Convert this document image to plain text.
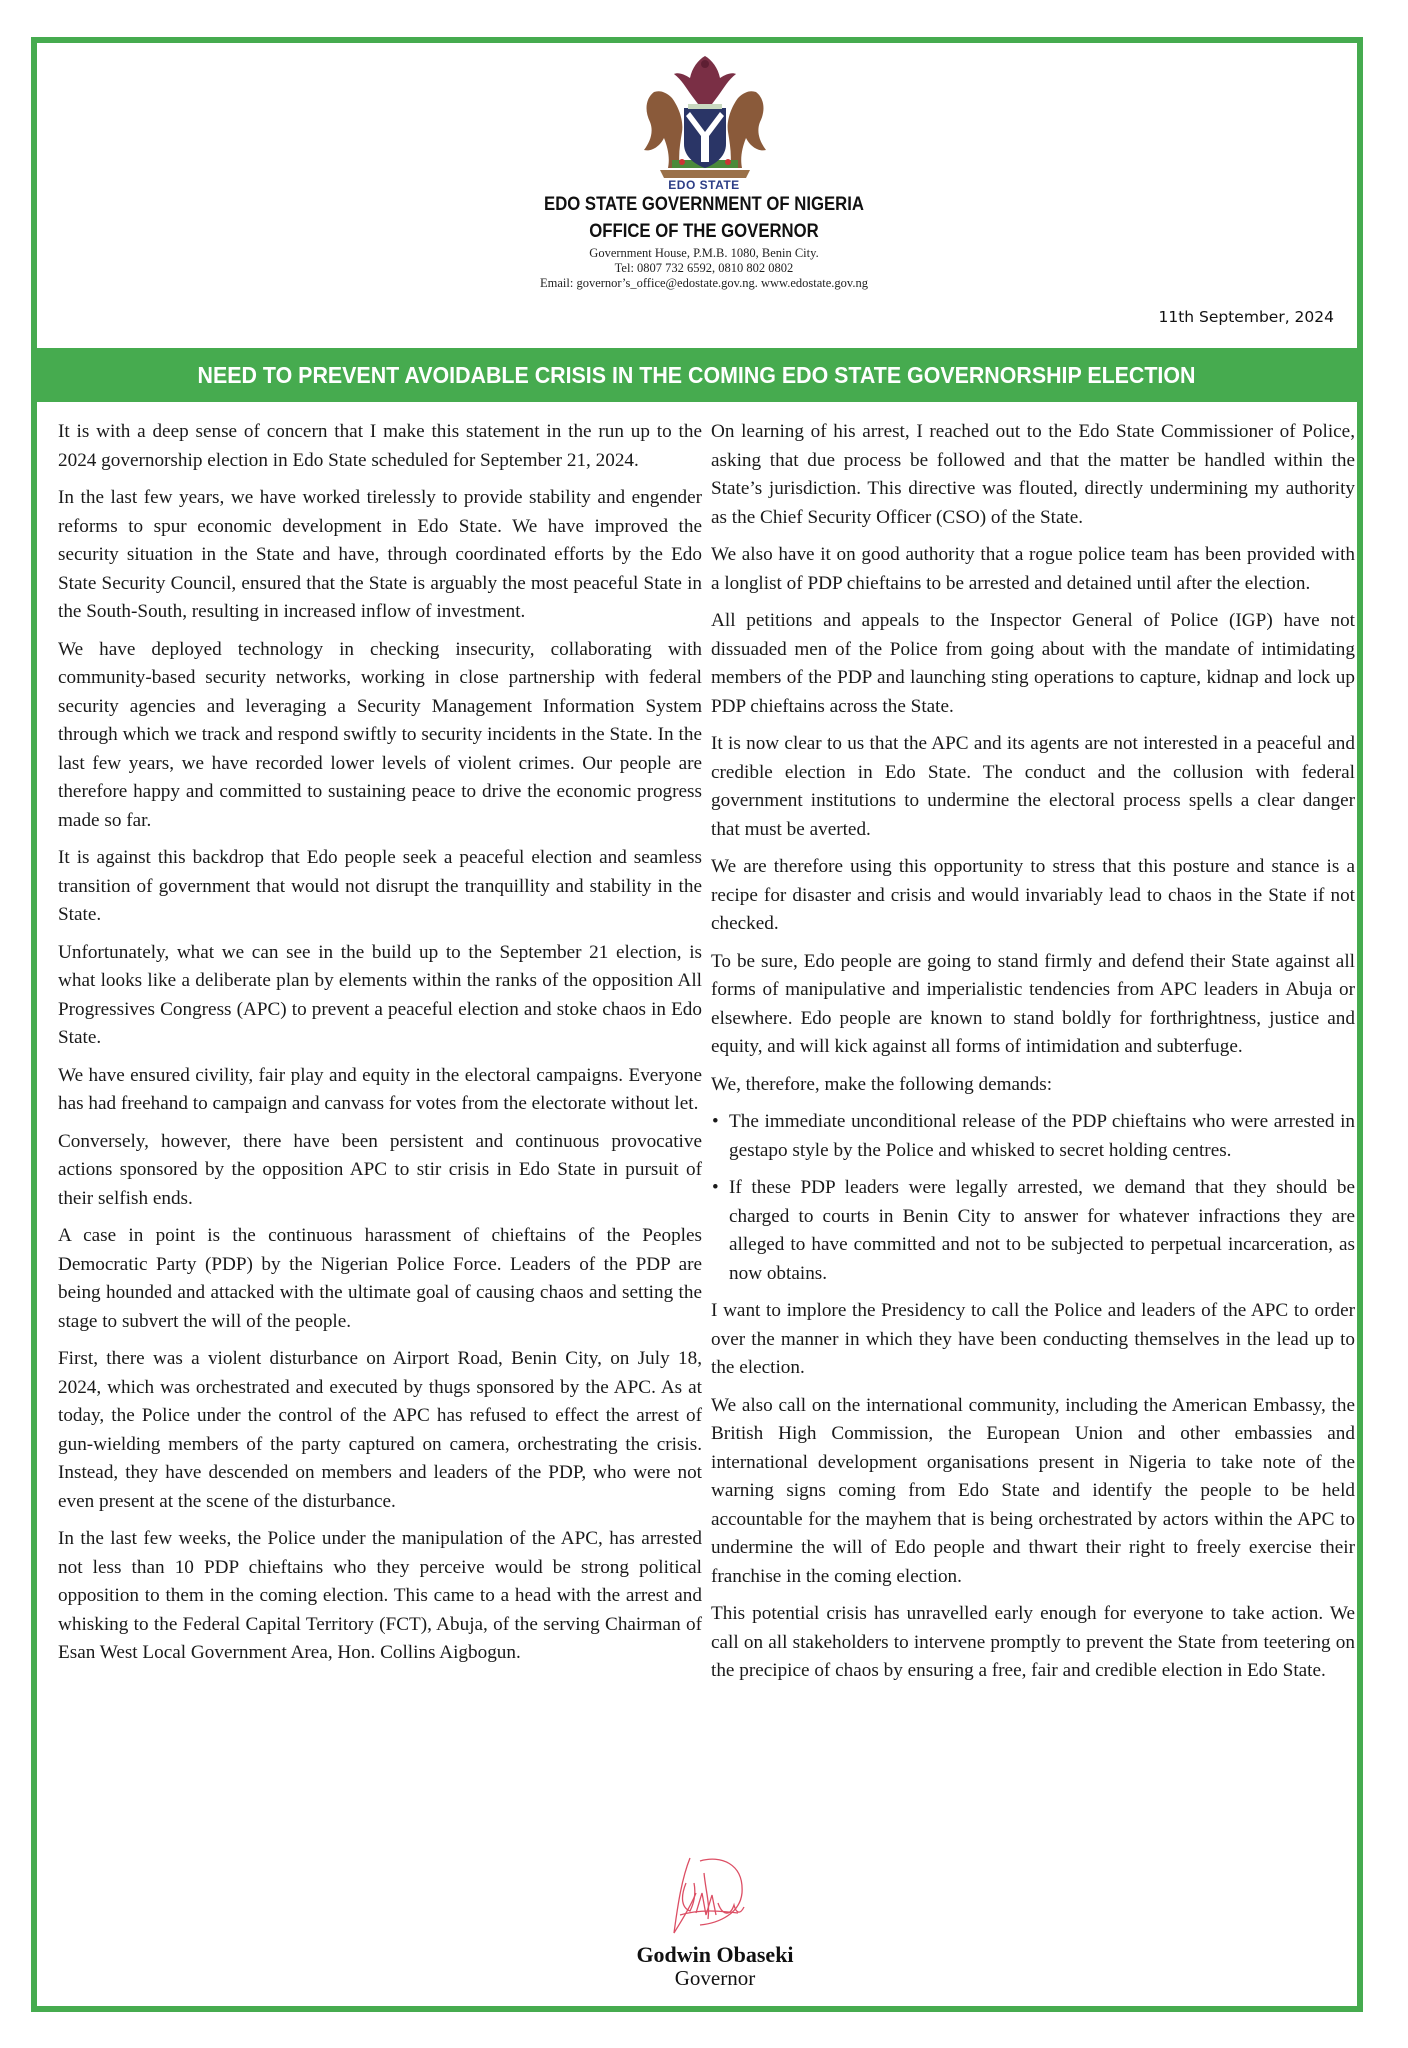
EDO STATE
EDO STATE GOVERNMENT OF NIGERIA
OFFICE OF THE GOVERNOR
Government House, P.M.B. 1080, Benin City.
Tel: 0807 732 6592, 0810 802 0802
Email: governor’s_office@edostate.gov.ng. www.edostate.gov.ng
11th September, 2024
NEED TO PREVENT AVOIDABLE CRISIS IN THE COMING EDO STATE GOVERNORSHIP ELECTION

It is with a deep sense of concern that I make this statement in the run up to the 2024 governorship election in Edo State scheduled for September 21, 2024.

In the last few years, we have worked tirelessly to provide stability and engender reforms to spur economic development in Edo State. We have improved the security situation in the State and have, through coordinated efforts by the Edo State Security Council, ensured that the State is arguably the most peaceful State in the South-South, resulting in increased inflow of investment.

We have deployed technology in checking insecurity, collaborating with community-based security networks, working in close partnership with federal security agencies and leveraging a Security Management Information System through which we track and respond swiftly to security incidents in the State. In the last few years, we have recorded lower levels of violent crimes. Our people are therefore happy and committed to sustaining peace to drive the economic progress made so far.

It is against this backdrop that Edo people seek a peaceful election and seamless transition of government that would not disrupt the tranquillity and stability in the State.

Unfortunately, what we can see in the build up to the September 21 election, is what looks like a deliberate plan by elements within the ranks of the opposition All Progressives Congress (APC) to prevent a peaceful election and stoke chaos in Edo State.

We have ensured civility, fair play and equity in the electoral campaigns. Everyone has had freehand to campaign and canvass for votes from the electorate without let.

Conversely, however, there have been persistent and continuous provocative actions sponsored by the opposition APC to stir crisis in Edo State in pursuit of their selfish ends.

A case in point is the continuous harassment of chieftains of the Peoples Democratic Party (PDP) by the Nigerian Police Force. Leaders of the PDP are being hounded and attacked with the ultimate goal of causing chaos and setting the stage to subvert the will of the people.

First, there was a violent disturbance on Airport Road, Benin City, on July 18, 2024, which was orchestrated and executed by thugs sponsored by the APC. As at today, the Police under the control of the APC has refused to effect the arrest of gun-wielding members of the party captured on camera, orchestrating the crisis. Instead, they have descended on members and leaders of the PDP, who were not even present at the scene of the disturbance.

In the last few weeks, the Police under the manipulation of the APC, has arrested not less than 10 PDP chieftains who they perceive would be strong political opposition to them in the coming election. This came to a head with the arrest and whisking to the Federal Capital Territory (FCT), Abuja, of the serving Chairman of Esan West Local Government Area, Hon. Collins Aigbogun.

On learning of his arrest, I reached out to the Edo State Commissioner of Police, asking that due process be followed and that the matter be handled within the State’s jurisdiction. This directive was flouted, directly undermining my authority as the Chief Security Officer (CSO) of the State.

We also have it on good authority that a rogue police team has been provided with a longlist of PDP chieftains to be arrested and detained until after the election.

All petitions and appeals to the Inspector General of Police (IGP) have not dissuaded men of the Police from going about with the mandate of intimidating members of the PDP and launching sting operations to capture, kidnap and lock up PDP chieftains across the State.

It is now clear to us that the APC and its agents are not interested in a peaceful and credible election in Edo State. The conduct and the collusion with federal government institutions to undermine the electoral process spells a clear danger that must be averted.

We are therefore using this opportunity to stress that this posture and stance is a recipe for disaster and crisis and would invariably lead to chaos in the State if not checked.

To be sure, Edo people are going to stand firmly and defend their State against all forms of manipulative and imperialistic tendencies from APC leaders in Abuja or elsewhere. Edo people are known to stand boldly for forthrightness, justice and equity, and will kick against all forms of intimidation and subterfuge.

We, therefore, make the following demands:

• The immediate unconditional release of the PDP chieftains who were arrested in gestapo style by the Police and whisked to secret holding centres.
• If these PDP leaders were legally arrested, we demand that they should be charged to courts in Benin City to answer for whatever infractions they are alleged to have committed and not to be subjected to perpetual incarceration, as now obtains.

I want to implore the Presidency to call the Police and leaders of the APC to order over the manner in which they have been conducting themselves in the lead up to the election.

We also call on the international community, including the American Embassy, the British High Commission, the European Union and other embassies and international development organisations present in Nigeria to take note of the warning signs coming from Edo State and identify the people to be held accountable for the mayhem that is being orchestrated by actors within the APC to undermine the will of Edo people and thwart their right to freely exercise their franchise in the coming election.

This potential crisis has unravelled early enough for everyone to take action. We call on all stakeholders to intervene promptly to prevent the State from teetering on the precipice of chaos by ensuring a free, fair and credible election in Edo State.

Godwin Obaseki
Governor
